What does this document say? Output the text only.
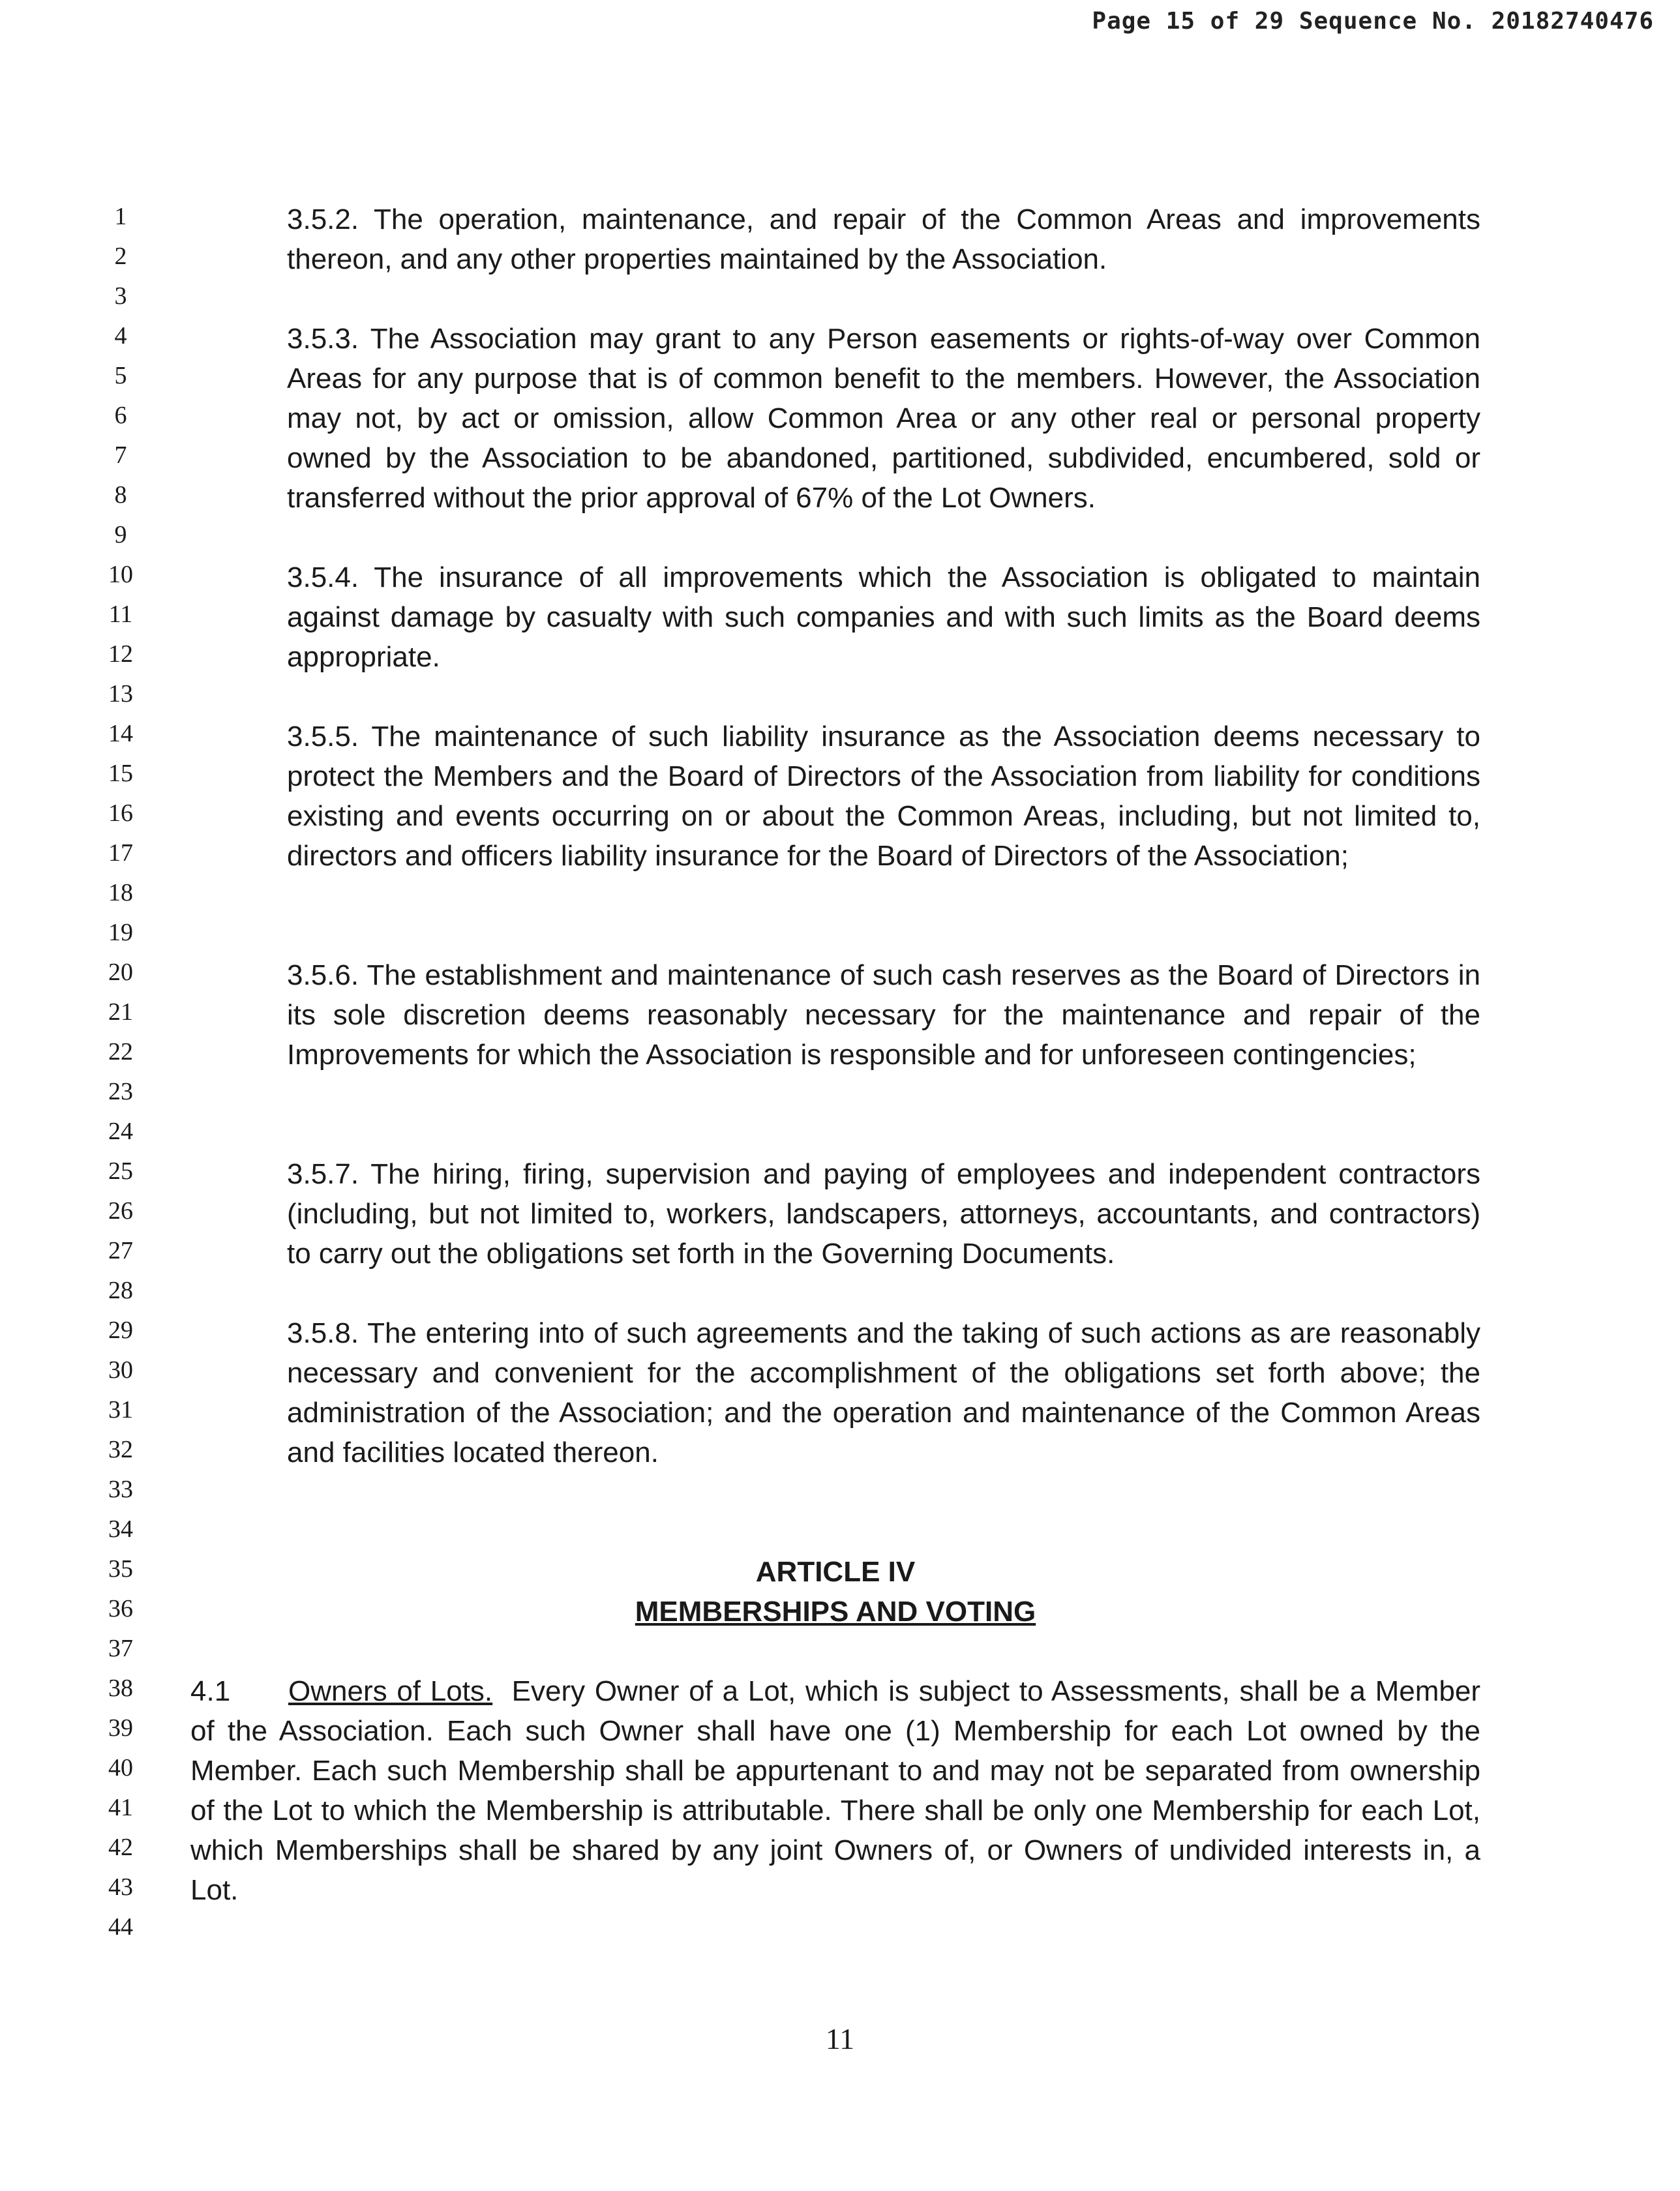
Page 15 of 29 Sequence No. 20182740476
1
2
3
4
5
6
7
8
9
10
11
12
13
14
15
16
17
18
19
20
21
22
23
24
25
26
27
28
29
30
31
32
33
34
35
36
37
38
39
40
41
42
43
44
3.5.2. The operation, maintenance, and repair of the Common Areas and improvements thereon, and any other properties maintained by the Association.
3.5.3. The Association may grant to any Person easements or rights-of-way over Common Areas for any purpose that is of common benefit to the members. However, the Association may not, by act or omission, allow Common Area or any other real or personal property owned by the Association to be abandoned, partitioned, subdivided, encumbered, sold or transferred without the prior approval of 67% of the Lot Owners.
3.5.4. The insurance of all improvements which the Association is obligated to maintain against damage by casualty with such companies and with such limits as the Board deems appropriate.
3.5.5. The maintenance of such liability insurance as the Association deems necessary to protect the Members and the Board of Directors of the Association from liability for conditions existing and events occurring on or about the Common Areas, including, but not limited to, directors and officers liability insurance for the Board of Directors of the Association;
3.5.6. The establishment and maintenance of such cash reserves as the Board of Directors in its sole discretion deems reasonably necessary for the maintenance and repair of the Improvements for which the Association is responsible and for unforeseen contingencies;
3.5.7. The hiring, firing, supervision and paying of employees and independent contractors (including, but not limited to, workers, landscapers, attorneys, accountants, and contractors) to carry out the obligations set forth in the Governing Documents.
3.5.8. The entering into of such agreements and the taking of such actions as are reasonably necessary and convenient for the accomplishment of the obligations set forth above; the administration of the Association; and the operation and maintenance of the Common Areas and facilities located thereon.
ARTICLE IV
MEMBERSHIPS AND VOTING
4.1 Owners of Lots. Every Owner of a Lot, which is subject to Assessments, shall be a Member of the Association. Each such Owner shall have one (1) Membership for each Lot owned by the Member. Each such Membership shall be appurtenant to and may not be separated from ownership of the Lot to which the Membership is attributable. There shall be only one Membership for each Lot, which Memberships shall be shared by any joint Owners of, or Owners of undivided interests in, a Lot.
11
